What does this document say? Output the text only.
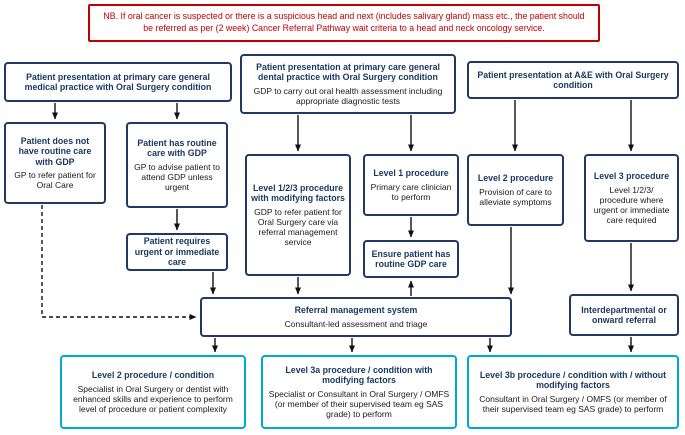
NB. If oral cancer is suspected or there is a suspicious head and next (includes salivary gland) mass etc., the patient should be referred as per (2 week) Cancer Referral Pathway wait criteria to a head and neck oncology service.
Patient presentation at primary care general medical practice with Oral Surgery condition
Patient presentation at primary care general dental practice with Oral Surgery condition
GDP to carry out oral health assessment including appropriate diagnostic tests
Patient presentation at A&E with Oral Surgery condition
Patient does not have routine care with GDP
GP to refer patient for Oral Care
Patient has routine care with GDP
GP to advise patient to attend GDP unless urgent
Patient requires urgent or immediate care
Level 1/2/3 procedure with modifying factors
GDP to refer patient for Oral Surgery care via referral management service
Level 1 procedure
Primary care clinician to perform
Ensure patient has routine GDP care
Level 2 procedure
Provision of care to alleviate symptoms
Level 3 procedure
Level 1/2/3/ procedure where urgent or immediate care required
Referral management system
Consultant-led assessment and triage
Interdepartmental or onward referral
Level 2 procedure / condition
Specialist in Oral Surgery or dentist with enhanced skills and experience to perform level of procedure or patient complexity
Level 3a procedure / condition with modifying factors
Specialist or Consultant in Oral Surgery / OMFS (or member of their supervised team eg SAS grade) to perform
Level 3b procedure / condition with / without modifying factors
Consultant in Oral Surgery / OMFS (or member of their supervised team eg SAS grade) to perform
